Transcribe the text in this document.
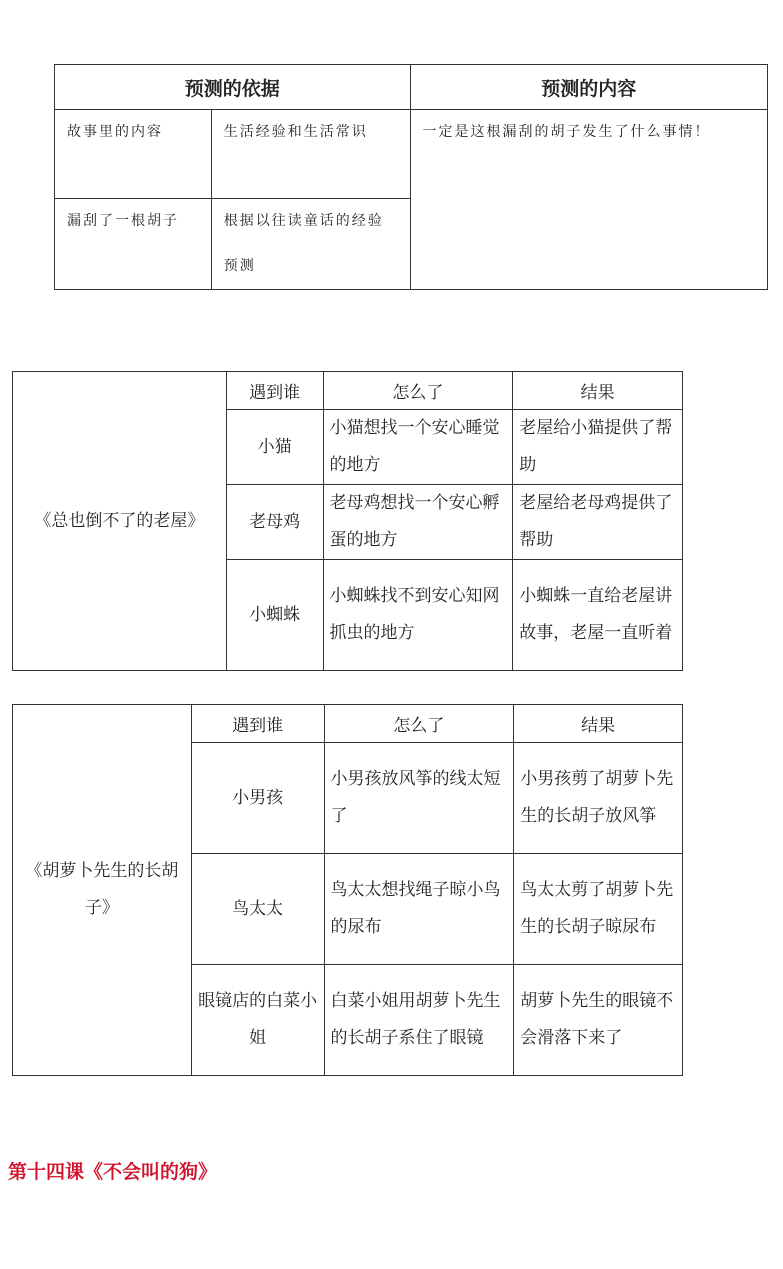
预测的依据		预测的内容
故事里的内容	生活经验和生活常识	一定是这根漏刮的胡子发生了什么事情！
漏刮了一根胡子	根据以往读童话的经验预测	
《总也倒不了的老屋》	遇到谁	怎么了	结果
	小猫	小猫想找一个安心睡觉的地方	老屋给小猫提供了帮助
	老母鸡	老母鸡想找一个安心孵蛋的地方	老屋给老母鸡提供了帮助
	小蜘蛛	小蜘蛛找不到安心知网抓虫的地方	小蜘蛛一直给老屋讲故事，老屋一直听着
《胡萝卜先生的长胡子》	遇到谁	怎么了	结果
	小男孩	小男孩放风筝的线太短了	小男孩剪了胡萝卜先生的长胡子放风筝
	鸟太太	鸟太太想找绳子晾小鸟的尿布	鸟太太剪了胡萝卜先生的长胡子晾尿布
	眼镜店的白菜小姐	白菜小姐用胡萝卜先生的长胡子系住了眼镜	胡萝卜先生的眼镜不会滑落下来了
第十四课《不会叫的狗》
